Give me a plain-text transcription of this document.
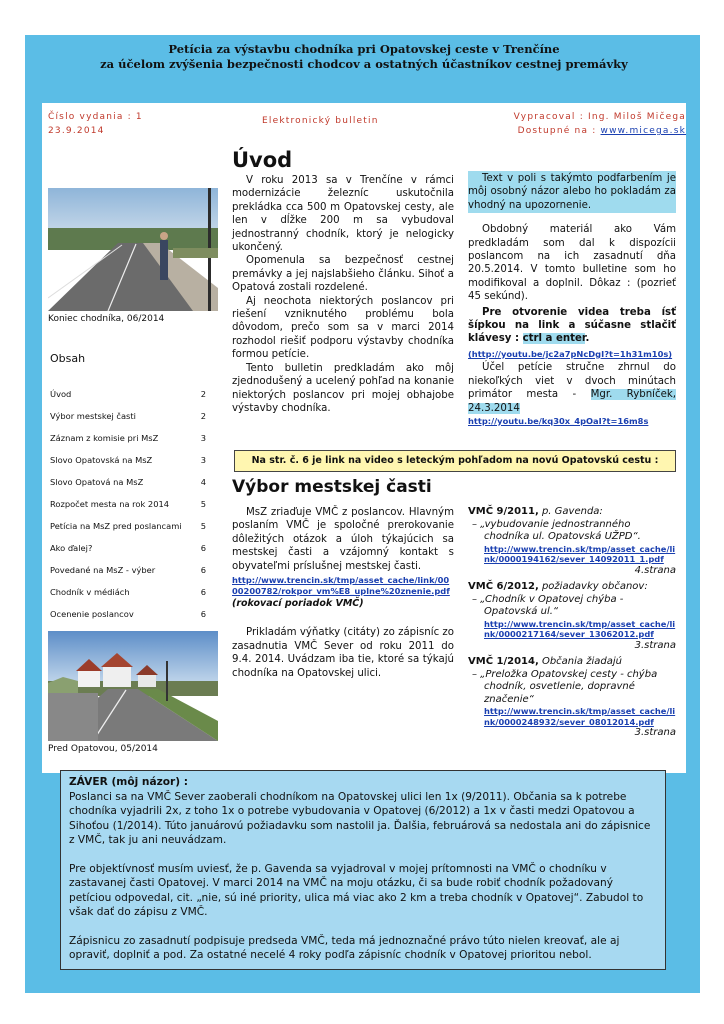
Petícia za výstavbu chodníka pri Opatovskej ceste v Trenčíne
za účelom zvýšenia bezpečnosti chodcov a ostatných účastníkov cestnej premávky
Číslo vydania : 1
23.9.2014
Elektronický bulletin	Vypracoval : Ing. Miloš Mičega
Dostupné na : www.micega.sk
Koniec chodníka, 06/2014
Obsah
Úvod	2
Výbor mestskej časti	2
Záznam z komisie pri MsZ	3
Slovo Opatovská na MsZ	3
Slovo Opatová na MsZ	4
Rozpočet mesta na rok 2014	5
Petícia na MsZ pred poslancami 5
Ako ďalej?	6
Povedané na MsZ - výber	6
Chodník v médiách	6
Ocenenie poslancov	6
Pred Opatovou, 05/2014
Úvod

V roku 2013 sa v Trenčíne v rámci modernizácie železníc uskutočnila prekládka cca 500 m Opatovskej cesty, ale len v dĺžke 200 m sa vybudoval jednostranný chodník, ktorý je nelogicky ukončený.

Opomenula sa bezpečnosť cestnej premávky a jej najslabšieho článku. Sihoť a Opatová zostali rozdelené.

Aj neochota niektorých poslancov pri riešení vzniknutého problému bola dôvodom, prečo som sa v marci 2014 rozhodol riešiť podporu výstavby chodníka formou petície.

Tento bulletin predkladám ako môj zjednodušený a ucelený pohľad na konanie niektorých poslancov pri mojej obhajobe výstavby chodníka.

Text v poli s takýmto podfarbením je môj osobný názor alebo ho pokladám za vhodný na upozornenie.

Obdobný materiál ako Vám predkladám som dal k dispozícii poslancom na ich zasadnutí dňa 20.5.2014. V tomto bulletine som ho modifikoval a doplnil. Dôkaz : (pozrieť 45 sekúnd).

Pre otvorenie videa treba ísť šípkou na link a súčasne stlačiť klávesy : ctrl a enter.

(http://youtu.be/jc2a7pNcDgI?t=1h31m10s)

Účel petície stručne zhrnul do niekoľkých viet v dvoch minútach primátor mesta - Mgr. Rybníček, 24.3.2014

http://youtu.be/kq30x_4pOaI?t=16m8s

Na str. č. 6 je link na video s leteckým pohľadom na novú Opatovskú cestu :
Výbor mestskej časti

MsZ zriaďuje VMČ z poslancov. Hlavným poslaním VMČ je spoločné prerokovanie dôležitých otázok a úloh týkajúcich sa mestskej časti a vzájomný kontakt s obyvateľmi príslušnej mestskej časti.

http://www.trencin.sk/tmp/asset_cache/link/0000200782/rokpor_vm%E8_uplne%20znenie.pdf

(rokovací poriadok VMČ)

Prikladám výňatky (citáty) zo zápisníc zo zasadnutia VMČ Sever od roku 2011 do 9.4. 2014. Uvádzam iba tie, ktoré sa týkajú chodníka na Opatovskej ulici.

VMČ 9/2011, p. Gavenda:
– „vybudovanie jednostranného chodníka ul. Opatovská UŽPD“.
http://www.trencin.sk/tmp/asset_cache/link/0000194162/sever_14092011_1.pdf
4.strana
VMČ 6/2012, požiadavky občanov:
– „Chodník v Opatovej chýba - Opatovská ul.“
http://www.trencin.sk/tmp/asset_cache/link/0000217164/sever_13062012.pdf
3.strana
VMČ 1/2014, Občania žiadajú
– „Preložka Opatovskej cesty - chýba chodník, osvetlenie, dopravné značenie“
http://www.trencin.sk/tmp/asset_cache/link/0000248932/sever_08012014.pdf
3.strana
ZÁVER (môj názor) :

Poslanci sa na VMČ Sever zaoberali chodníkom na Opatovskej ulici len 1x (9/2011). Občania sa k potrebe chodníka vyjadrili 2x, z toho 1x o potrebe vybudovania v Opatovej (6/2012) a 1x v časti medzi Opatovou a Sihoťou (1/2014). Túto januárovú požiadavku som nastolil ja. Ďalšia, februárová sa nedostala ani do zápisnice z VMČ, tak ju ani neuvádzam.

Pre objektívnosť musím uviesť, že p. Gavenda sa vyjadroval v mojej prítomnosti na VMČ o chodníku v zastavanej časti Opatovej. V marci 2014 na VMČ na moju otázku, či sa bude robiť chodník požadovaný petíciou odpovedal, cit. „nie, sú iné priority, ulica má viac ako 2 km a treba chodník v Opatovej“. Zabudol to však dať do zápisu z VMČ.

Zápisnicu zo zasadnutí podpisuje predseda VMČ, teda má jednoznačné právo túto nielen kreovať, ale aj opraviť, doplniť a pod. Za ostatné necelé 4 roky podľa zápisníc chodník v Opatovej prioritou nebol.
